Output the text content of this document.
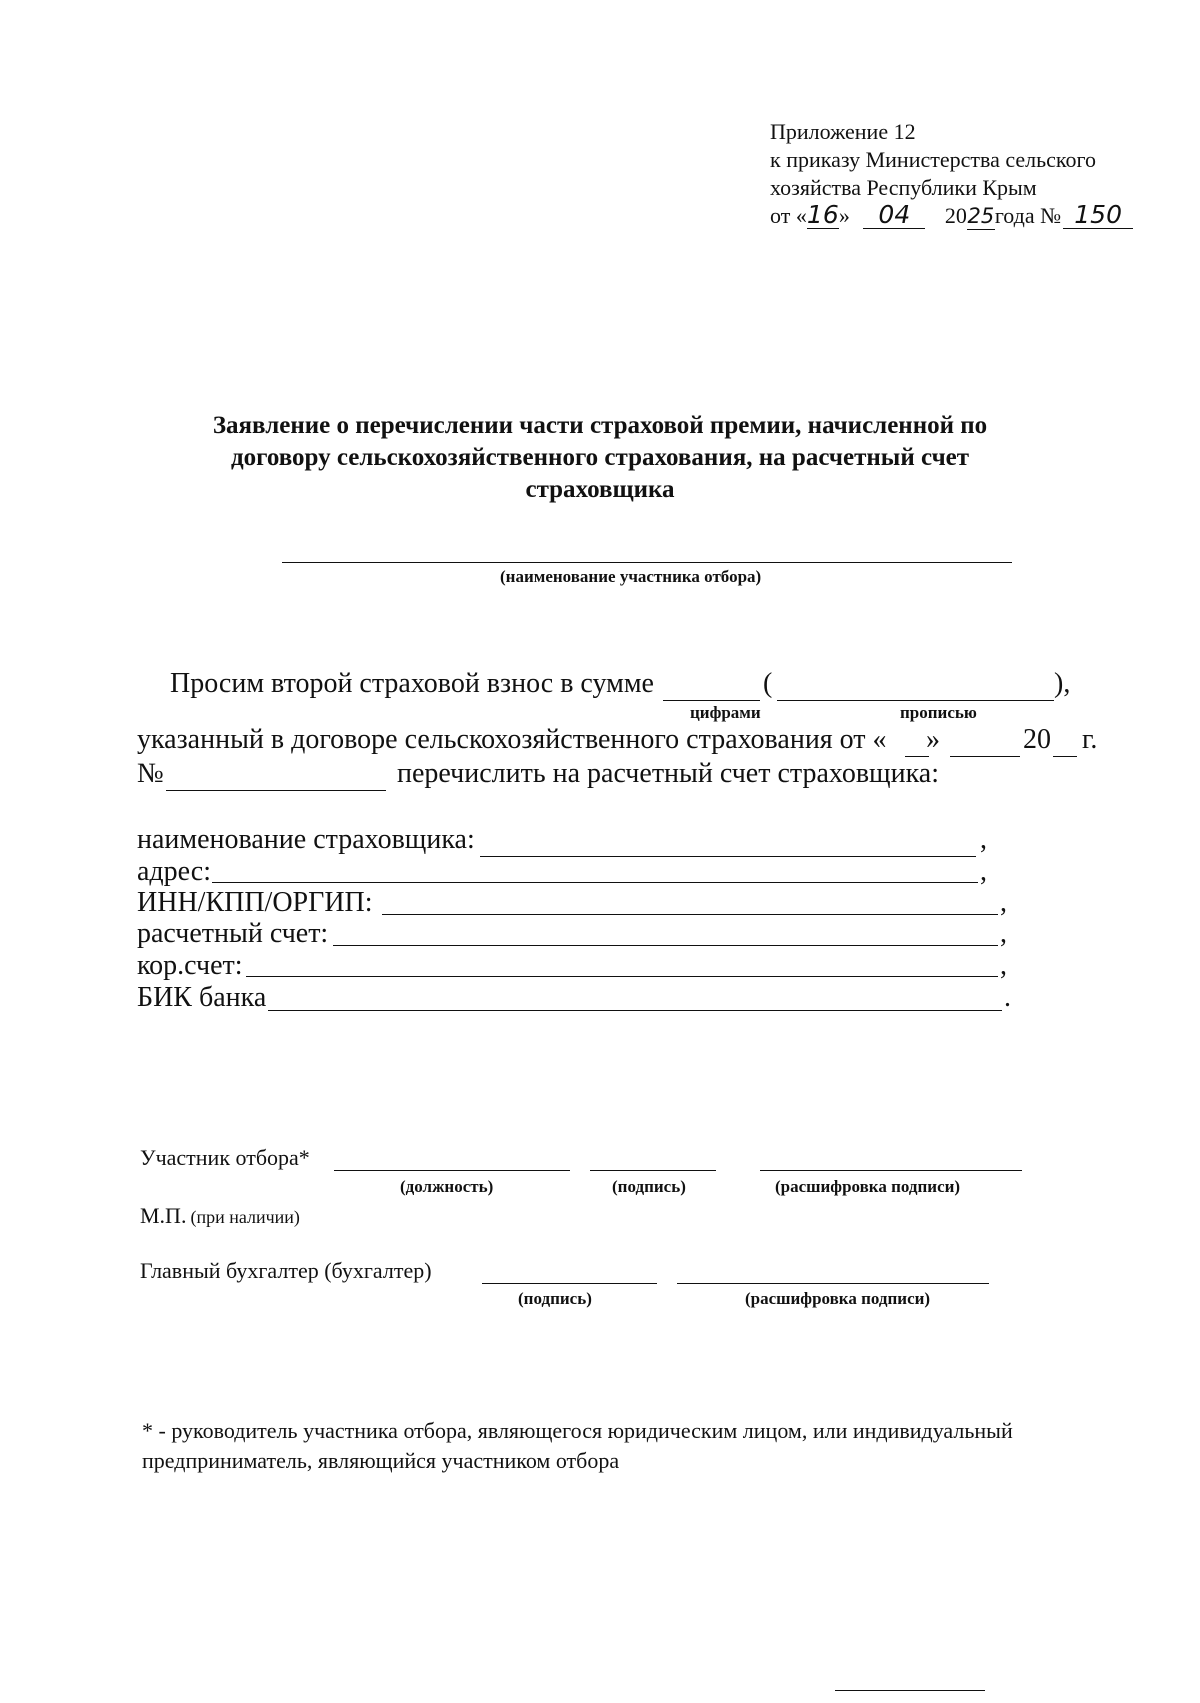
Приложение 12
к приказу Министерства сельского
хозяйства Республики Крым
от «16» 04 2025года № 150
Заявление о перечислении части страховой премии, начисленной по договору сельскохозяйственного страхования, на расчетный счет страховщика
(наименование участника отбора)
Просим второй страховой взнос в сумме	(	),
цифрами	прописью
указанный в договоре сельскохозяйственного страхования от « »	20 г.
№	перечислить на расчетный счет страховщика:
наименование страховщика:	,
адрес:	,
ИНН/КПП/ОРГИП:	,
расчетный счет:	,
кор.счет:	,
БИК банка	.
Участник отбора*
(должность)	(подпись)	(расшифровка подписи)
М.П. (при наличии)
Главный бухгалтер (бухгалтер)
(подпись)	(расшифровка подписи)
* - руководитель участника отбора, являющегося юридическим лицом, или индивидуальный
предприниматель, являющийся участником отбора
